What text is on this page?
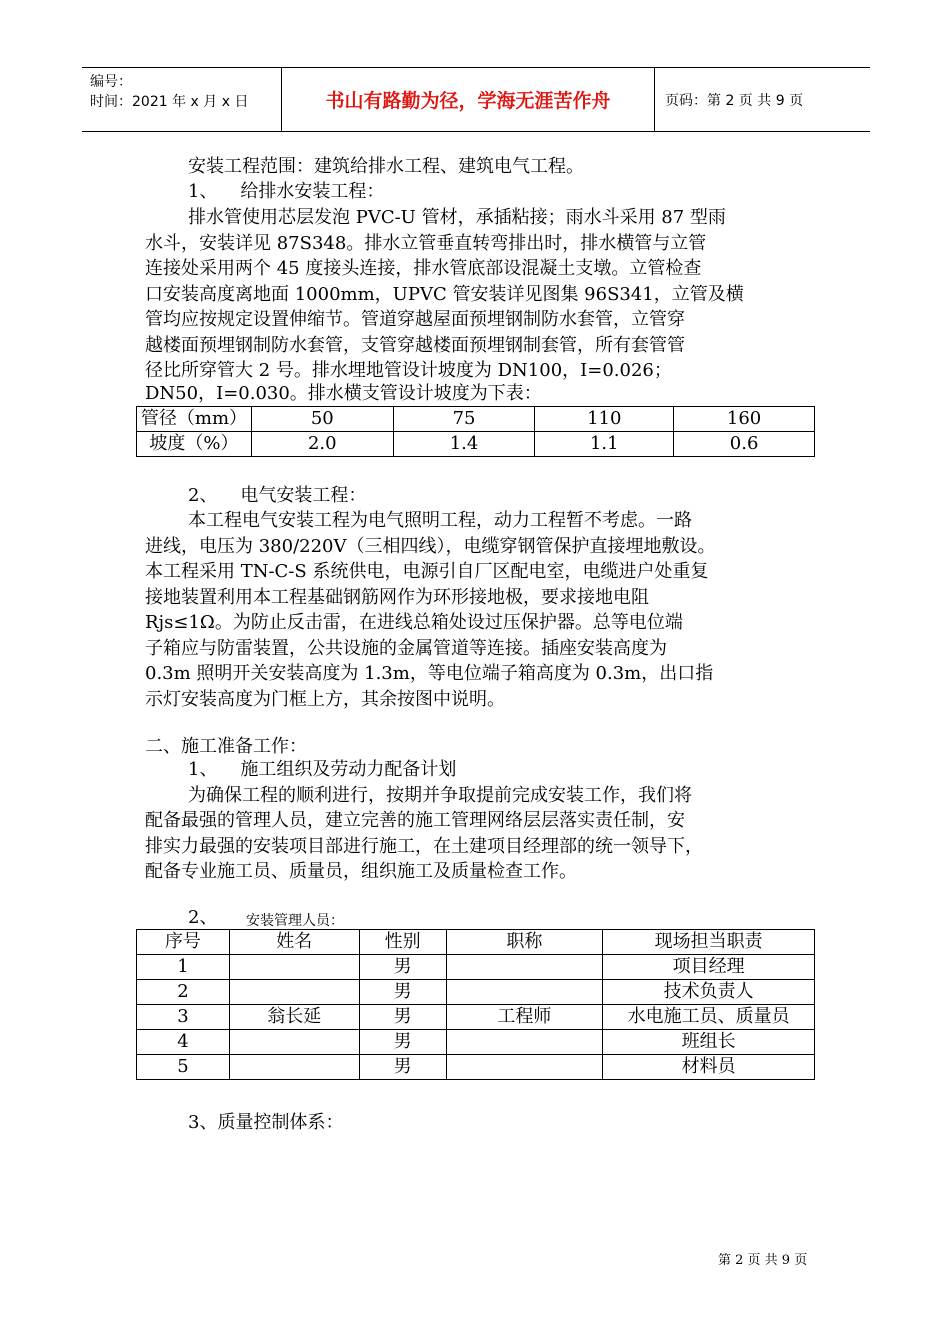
编号：
时间：2021 年 x 月 x 日	书山有路勤为径，学海无涯苦作舟	页码：第 2 页 共 9 页
安装工程范围：建筑给排水工程、建筑电气工程。
1、    给排水安装工程：
排水管使用芯层发泡 PVC-U 管材，承插粘接；雨水斗采用 87 型雨
水斗，安装详见 87S348。排水立管垂直转弯排出时，排水横管与立管
连接处采用两个 45 度接头连接，排水管底部设混凝土支墩。立管检查
口安装高度离地面 1000mm，UPVC 管安装详见图集 96S341，立管及横
管均应按规定设置伸缩节。管道穿越屋面预埋钢制防水套管，立管穿
越楼面预埋钢制防水套管，支管穿越楼面预埋钢制套管，所有套管管
径比所穿管大 2 号。排水埋地管设计坡度为 DN100，I=0.026；
DN50，I=0.030。排水横支管设计坡度为下表：
管径（mm）	50	75	110	160
坡度（%）	2.0	1.4	1.1	0.6
2、    电气安装工程：
本工程电气安装工程为电气照明工程，动力工程暂不考虑。一路
进线，电压为 380/220V（三相四线），电缆穿钢管保护直接埋地敷设。
本工程采用 TN-C-S 系统供电，电源引自厂区配电室，电缆进户处重复
接地装置利用本工程基础钢筋网作为环形接地极，要求接地电阻
Rjs≤1Ω。为防止反击雷，在进线总箱处设过压保护器。总等电位端
子箱应与防雷装置，公共设施的金属管道等连接。插座安装高度为
0.3m 照明开关安装高度为 1.3m，等电位端子箱高度为 0.3m，出口指
示灯安装高度为门框上方，其余按图中说明。
二、施工准备工作：
1、    施工组织及劳动力配备计划
为确保工程的顺利进行，按期并争取提前完成安装工作，我们将
配备最强的管理人员，建立完善的施工管理网络层层落实责任制，安
排实力最强的安装项目部进行施工，在土建项目经理部的统一领导下，
配备专业施工员、质量员，组织施工及质量检查工作。
2、 安装管理人员：
序号	姓名	性别	职称	现场担当职责
1		男		项目经理
2		男		技术负责人
3	翁长延	男	工程师	水电施工员、质量员
4		男		班组长
5		男		材料员
3、质量控制体系：
第 2 页 共 9 页
